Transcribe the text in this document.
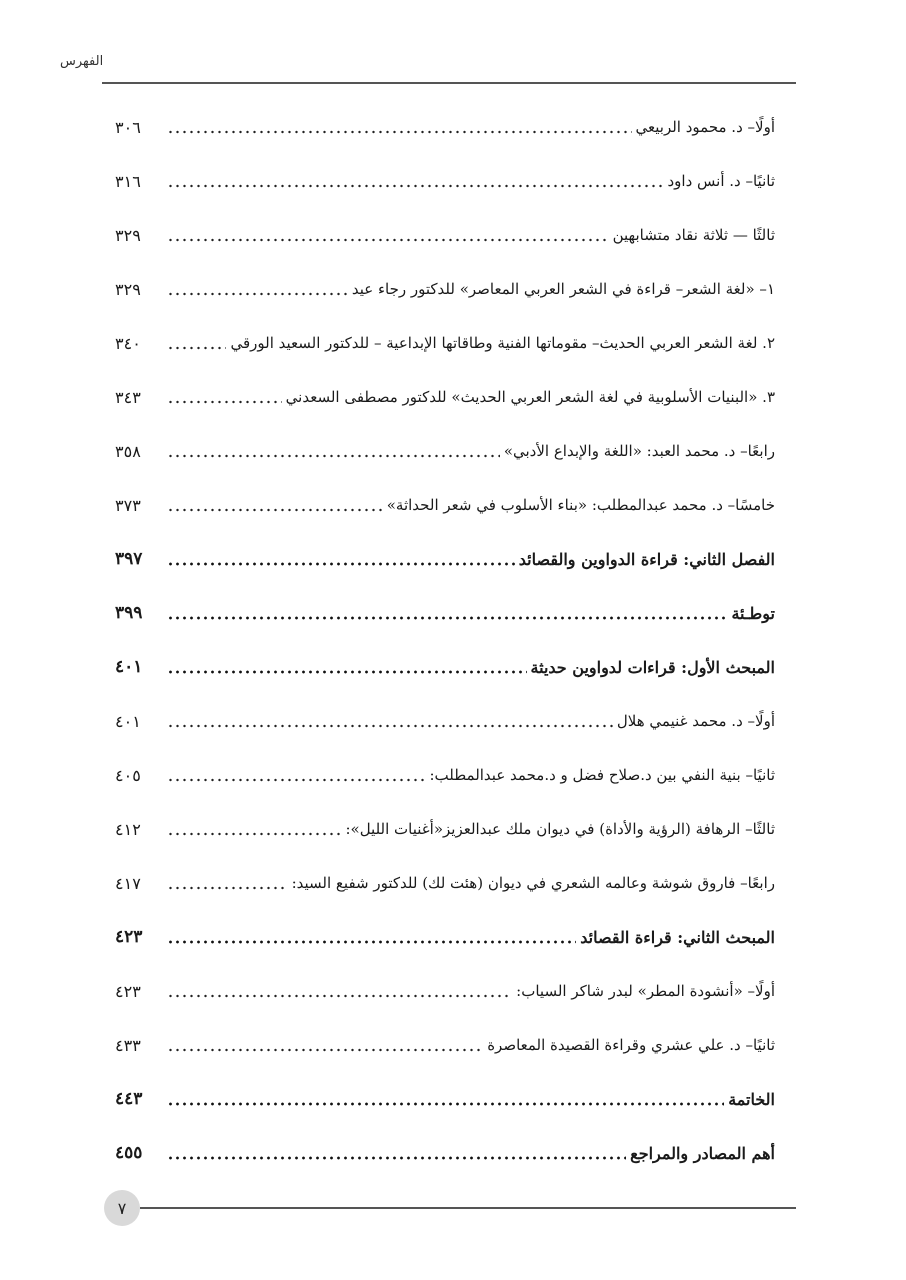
الفهرس
أولًا– د. محمود الربيعي
٣٠٦
ثانيًا– د. أنس داود
٣١٦
ثالثًا — ثلاثة نقاد متشابهين
٣٢٩
١– «لغة الشعر– قراءة في الشعر العربي المعاصر» للدكتور رجاء عيد
٣٢٩
٢. لغة الشعر العربي الحديث– مقوماتها الفنية وطاقاتها الإبداعية – للدكتور السعيد الورقي
٣٤٠
٣. «البنيات الأسلوبية في لغة الشعر العربي الحديث» للدكتور مصطفى السعدني
٣٤٣
رابعًا– د. محمد العبد: «اللغة والإبداع الأدبي»
٣٥٨
خامسًا– د. محمد عبدالمطلب: «بناء الأسلوب في شعر الحداثة»
٣٧٣
الفصل الثاني: قراءة الدواوين والقصائد
٣٩٧
توطـئة
٣٩٩
المبحث الأول: قراءات لدواوين حديثة
٤٠١
أولًا– د. محمد غنيمي هلال
٤٠١
ثانيًا– بنية النفي بين د.صلاح فضل و د.محمد عبدالمطلب:
٤٠٥
ثالثًا– الرهافة (الرؤية والأداة) في ديوان ملك عبدالعزيز«أغنيات الليل»:
٤١٢
رابعًا– فاروق شوشة وعالمه الشعري في ديوان (هئت لك) للدكتور شفيع السيد:
٤١٧
المبحث الثاني: قراءة القصائد
٤٢٣
أولًا– «أنشودة المطر» لبدر شاكر السياب:
٤٢٣
ثانيًا– د. علي عشري وقراءة القصيدة المعاصرة
٤٣٣
الخاتمة
٤٤٣
أهم المصادر والمراجع
٤٥٥
٧
